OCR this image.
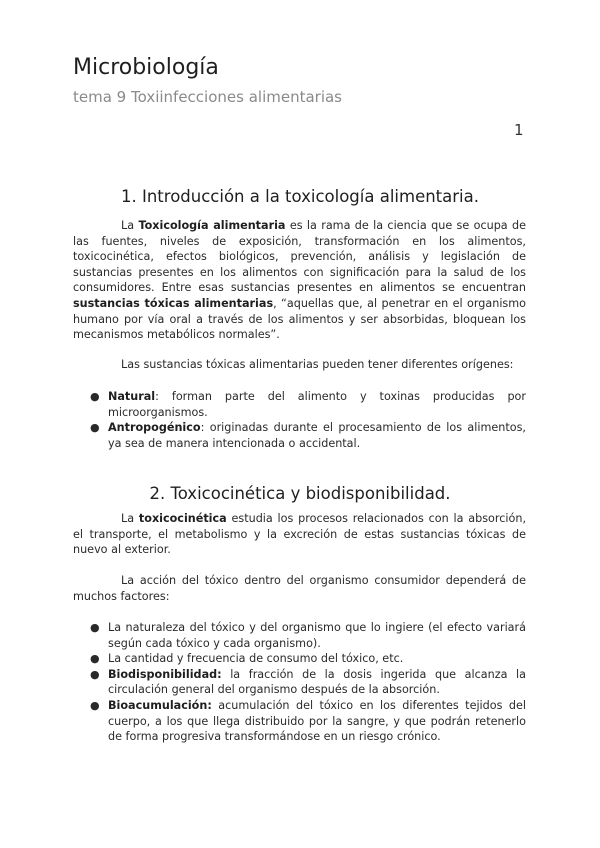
Microbiología
tema 9 Toxiinfecciones alimentarias
1
1. Introducción a la toxicología alimentaria.

La Toxicología alimentaria es la rama de la ciencia que se ocupa de las fuentes, niveles de exposición, transformación en los alimentos, toxicocinética, efectos biológicos, prevención, análisis y legislación de sustancias presentes en los alimentos con significación para la salud de los consumidores. Entre esas sustancias presentes en alimentos se encuentran sustancias tóxicas alimentarias, “aquellas que, al penetrar en el organismo humano por vía oral a través de los alimentos y ser absorbidas, bloquean los mecanismos metabólicos normales”.

Las sustancias tóxicas alimentarias pueden tener diferentes orígenes:

● Natural: forman parte del alimento y toxinas producidas por microorganismos.
● Antropogénico: originadas durante el procesamiento de los alimentos, ya sea de manera intencionada o accidental.
2. Toxicocinética y biodisponibilidad.

La toxicocinética estudia los procesos relacionados con la absorción, el transporte, el metabolismo y la excreción de estas sustancias tóxicas de nuevo al exterior.

La acción del tóxico dentro del organismo consumidor dependerá de muchos factores:

● La naturaleza del tóxico y del organismo que lo ingiere (el efecto variará según cada tóxico y cada organismo).
● La cantidad y frecuencia de consumo del tóxico, etc.
● Biodisponibilidad: la fracción de la dosis ingerida que alcanza la circulación general del organismo después de la absorción.
● Bioacumulación: acumulación del tóxico en los diferentes tejidos del cuerpo, a los que llega distribuido por la sangre, y que podrán retenerlo de forma progresiva transformándose en un riesgo crónico.
